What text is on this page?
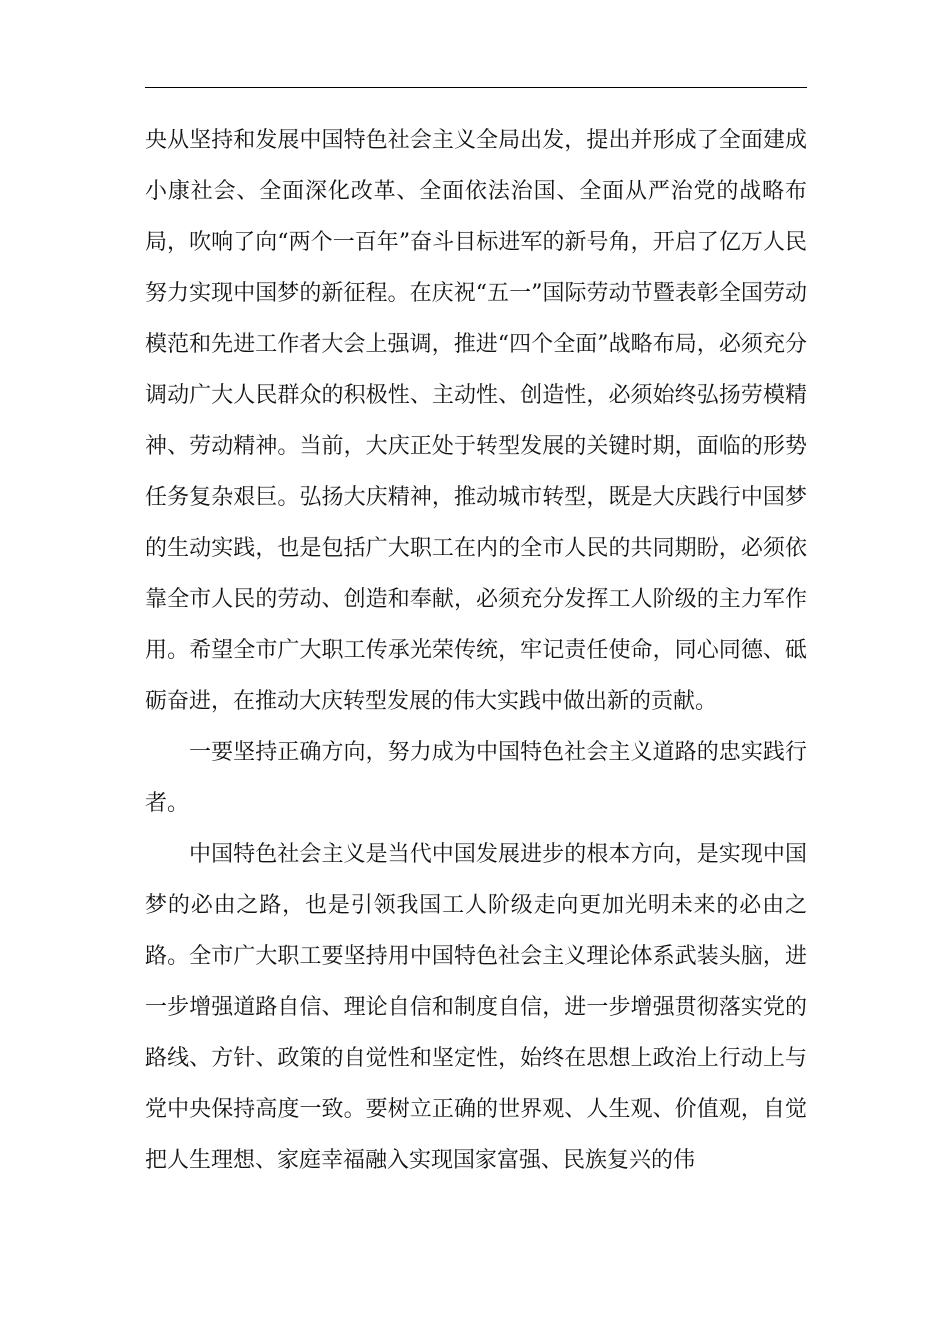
央从坚持和发展中国特色社会主义全局出发，提出并形成了全面建成小康社会、全面深化改革、全面依法治国、全面从严治党的战略布局，吹响了向“两个一百年”奋斗目标进军的新号角，开启了亿万人民努力实现中国梦的新征程。在庆祝“五一”国际劳动节暨表彰全国劳动模范和先进工作者大会上强调，推进“四个全面”战略布局，必须充分调动广大人民群众的积极性、主动性、创造性，必须始终弘扬劳模精神、劳动精神。当前，大庆正处于转型发展的关键时期，面临的形势任务复杂艰巨。弘扬大庆精神，推动城市转型，既是大庆践行中国梦的生动实践，也是包括广大职工在内的全市人民的共同期盼，必须依靠全市人民的劳动、创造和奉献，必须充分发挥工人阶级的主力军作用。希望全市广大职工传承光荣传统，牢记责任使命，同心同德、砥砺奋进，在推动大庆转型发展的伟大实践中做出新的贡献。

一要坚持正确方向，努力成为中国特色社会主义道路的忠实践行者。

中国特色社会主义是当代中国发展进步的根本方向，是实现中国梦的必由之路，也是引领我国工人阶级走向更加光明未来的必由之路。全市广大职工要坚持用中国特色社会主义理论体系武装头脑，进一步增强道路自信、理论自信和制度自信，进一步增强贯彻落实党的路线、方针、政策的自觉性和坚定性，始终在思想上政治上行动上与党中央保持高度一致。要树立正确的世界观、人生观、价值观，自觉把人生理想、家庭幸福融入实现国家富强、民族复兴的伟
